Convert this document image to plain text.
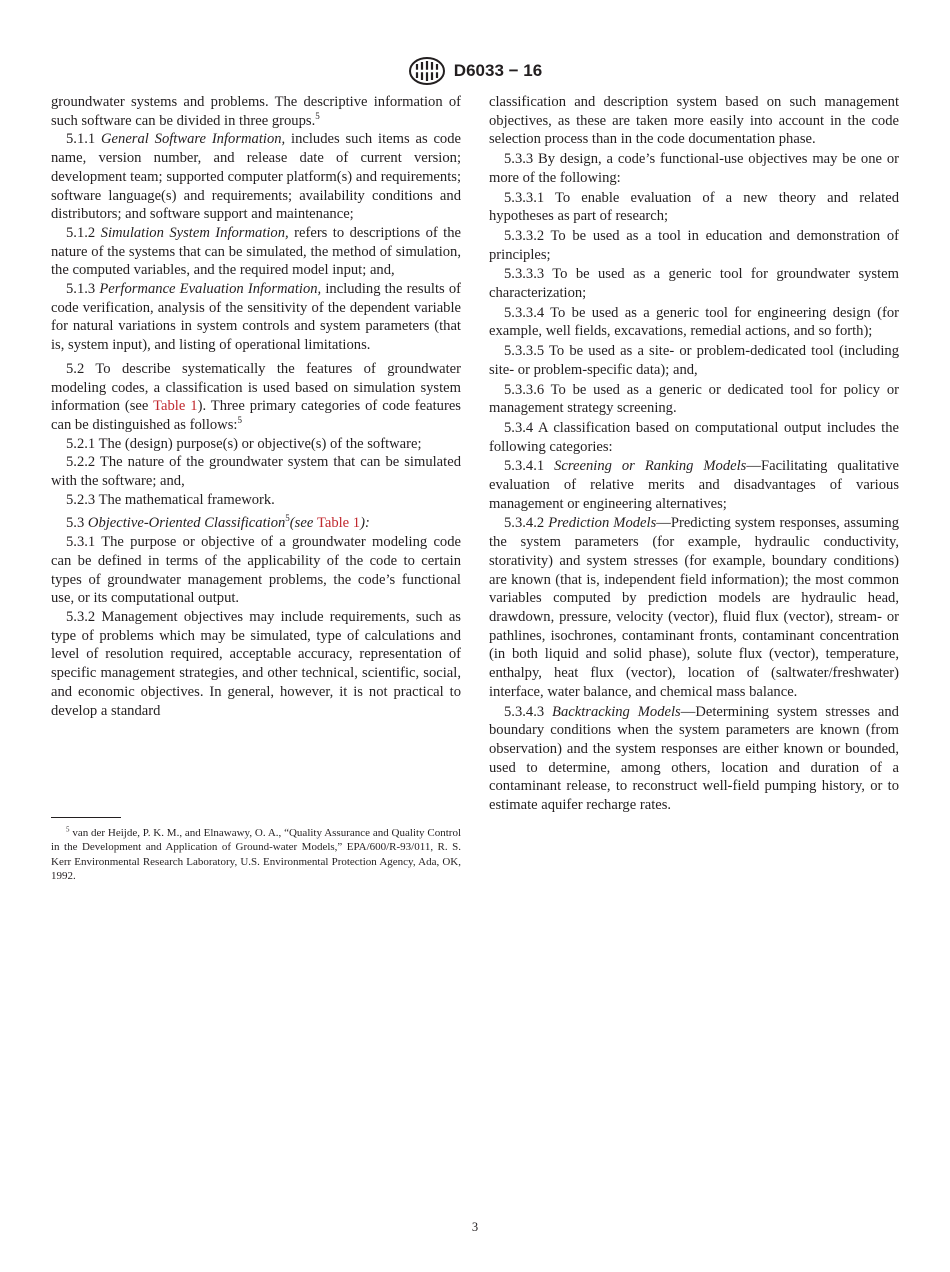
D6033 − 16

groundwater systems and problems. The descriptive information of such software can be divided in three groups.$^5$

5.1.1 General Software Information, includes such items as code name, version number, and release date of current version; development team; supported computer platform(s) and requirements; software language(s) and requirements; availability conditions and distributors; and software support and maintenance;

5.1.2 Simulation System Information, refers to descriptions of the nature of the systems that can be simulated, the method of simulation, the computed variables, and the required model input; and,

5.1.3 Performance Evaluation Information, including the results of code verification, analysis of the sensitivity of the dependent variable for natural variations in system controls and system parameters (that is, system input), and listing of operational limitations.

5.2 To describe systematically the features of groundwater modeling codes, a classification is used based on simulation system information (see Table 1). Three primary categories of code features can be distinguished as follows:$^5$

5.2.1 The (design) purpose(s) or objective(s) of the software;

5.2.2 The nature of the groundwater system that can be simulated with the software; and,

5.2.3 The mathematical framework.

5.3 Objective-Oriented Classification$^5$(see Table 1):

5.3.1 The purpose or objective of a groundwater modeling code can be defined in terms of the applicability of the code to certain types of groundwater management problems, the code’s functional use, or its computational output.

5.3.2 Management objectives may include requirements, such as type of problems which may be simulated, type of calculations and level of resolution required, acceptable accuracy, representation of specific management strategies, and other technical, scientific, social, and economic objectives. In general, however, it is not practical to develop a standard

$^5$ van der Heijde, P. K. M., and Elnawawy, O. A., “Quality Assurance and Quality Control in the Development and Application of Ground-water Models,” EPA/600/R-93/011, R. S. Kerr Environmental Research Laboratory, U.S. Environmental Protection Agency, Ada, OK, 1992.

classification and description system based on such management objectives, as these are taken more easily into account in the code selection process than in the code documentation phase.

5.3.3 By design, a code’s functional-use objectives may be one or more of the following:

5.3.3.1 To enable evaluation of a new theory and related hypotheses as part of research;

5.3.3.2 To be used as a tool in education and demonstration of principles;

5.3.3.3 To be used as a generic tool for groundwater system characterization;

5.3.3.4 To be used as a generic tool for engineering design (for example, well fields, excavations, remedial actions, and so forth);

5.3.3.5 To be used as a site- or problem-dedicated tool (including site- or problem-specific data); and,

5.3.3.6 To be used as a generic or dedicated tool for policy or management strategy screening.

5.3.4 A classification based on computational output includes the following categories:

5.3.4.1 Screening or Ranking Models—Facilitating qualitative evaluation of relative merits and disadvantages of various management or engineering alternatives;

5.3.4.2 Prediction Models—Predicting system responses, assuming the system parameters (for example, hydraulic conductivity, storativity) and system stresses (for example, boundary conditions) are known (that is, independent field information); the most common variables computed by prediction models are hydraulic head, drawdown, pressure, velocity (vector), fluid flux (vector), stream- or pathlines, isochrones, contaminant fronts, contaminant concentration (in both liquid and solid phase), solute flux (vector), temperature, enthalpy, heat flux (vector), location of (saltwater/freshwater) interface, water balance, and chemical mass balance.

5.3.4.3 Backtracking Models—Determining system stresses and boundary conditions when the system parameters are known (from observation) and the system responses are either known or bounded, used to determine, among others, location and duration of a contaminant release, to reconstruct well-field pumping history, or to estimate aquifer recharge rates.

3
